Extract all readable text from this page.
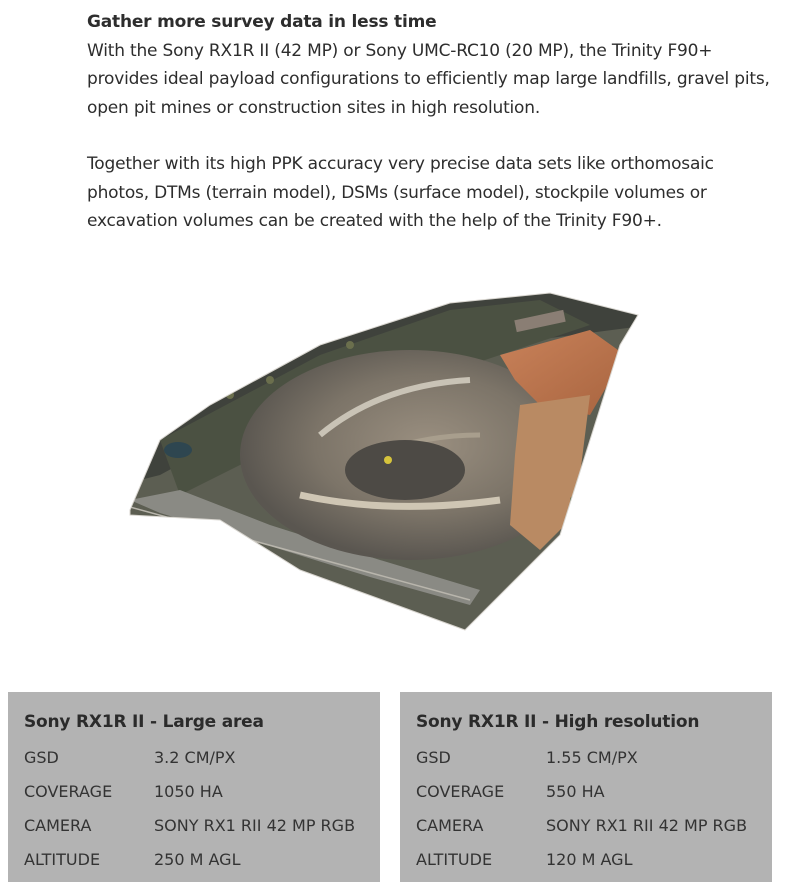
Gather more survey data in less time

With the Sony RX1R II (42 MP) or Sony UMC-RC10 (20 MP), the Trinity F90+ provides ideal payload configurations to efficiently map large landfills, gravel pits, open pit mines or construction sites in high resolution.

Together with its high PPK accuracy very precise data sets like orthomosaic photos, DTMs (terrain model), DSMs (surface model), stockpile volumes or excavation volumes can be created with the help of the Trinity F90+.

Sony RX1R II - Large area
GSD	3.2 CM/PX
COVERAGE	1050 HA
CAMERA	SONY RX1 RII 42 MP RGB
ALTITUDE	250 M AGL
Sony RX1R II - High resolution
GSD	1.55 CM/PX
COVERAGE	550 HA
CAMERA	SONY RX1 RII 42 MP RGB
ALTITUDE	120 M AGL
